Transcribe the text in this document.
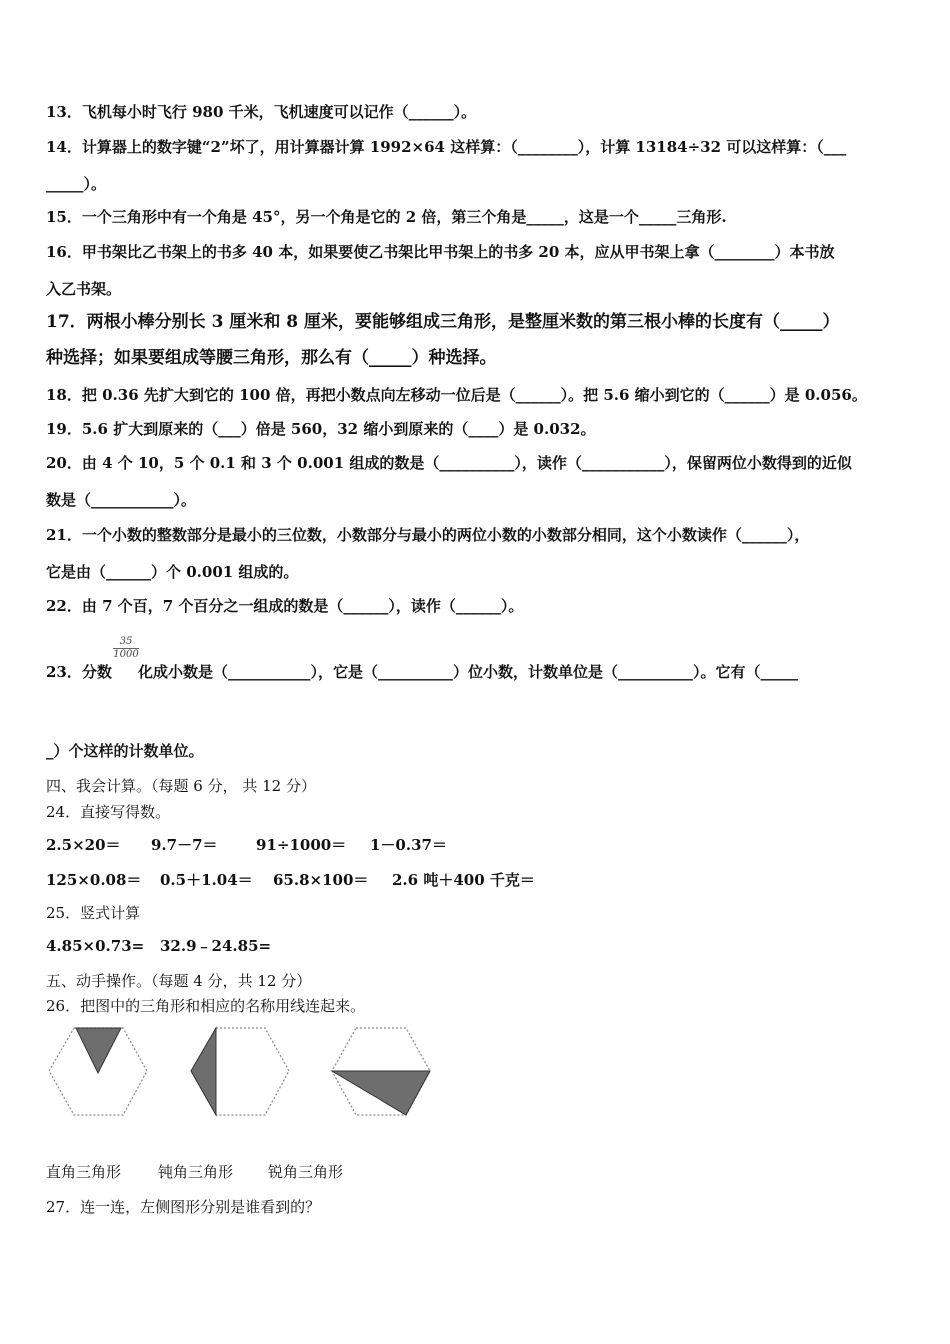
13．飞机每小时飞行 980 千米，飞机速度可以记作（______）。
14．计算器上的数字键“2”坏了，用计算器计算 1992×64 这样算：（________），计算 13184÷32 可以这样算：（___
_____）。
15．一个三角形中有一个角是 45°，另一个角是它的 2 倍，第三个角是_____，这是一个_____三角形.
16．甲书架比乙书架上的书多 40 本，如果要使乙书架比甲书架上的书多 20 本，应从甲书架上拿（________）本书放
入乙书架。
17．两根小棒分别长 3 厘米和 8 厘米，要能够组成三角形，是整厘米数的第三根小棒的长度有（_____）
种选择；如果要组成等腰三角形，那么有（_____）种选择。
18．把 0.36 先扩大到它的 100 倍，再把小数点向左移动一位后是（______）。把 5.6 缩小到它的（______）是 0.056。
19．5.6 扩大到原来的（___）倍是 560，32 缩小到原来的（____）是 0.032。
20．由 4 个 10，5 个 0.1 和 3 个 0.001 组成的数是（__________），读作（___________），保留两位小数得到的近似
数是（___________）。
21．一个小数的整数部分是最小的三位数，小数部分与最小的两位小数的小数部分相同，这个小数读作（______），
它是由（______）个 0.001 组成的。
22．由 7 个百，7 个百分之一组成的数是（______），读作（______）。
$\frac{35}{1000}$
23．分数 化成小数是（___________），它是（__________）位小数，计数单位是（__________）。它有（_____
_）个这样的计数单位。
四、我会计算。（每题 6 分， 共 12 分）
24．直接写得数。
2.5×20＝ 9.7－7＝	91÷1000＝ 1－0.37＝
125×0.08＝ 0.5＋1.04＝ 65.8×100＝ 2.6 吨＋400 千克＝
25．竖式计算
4.85×0.73= 32.9﹣24.85=
五、动手操作。（每题 4 分，共 12 分）
26．把图中的三角形和相应的名称用线连起来。
直角三角形 钝角三角形 锐角三角形
27．连一连，左侧图形分别是谁看到的？
